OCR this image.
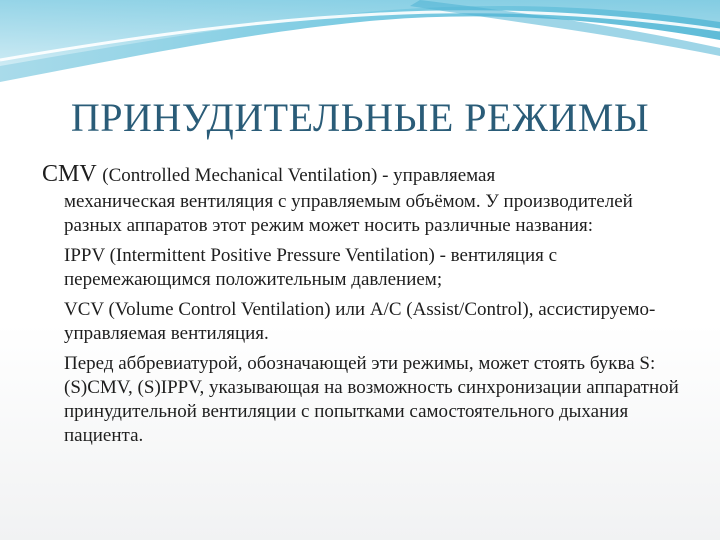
ПРИНУДИТЕЛЬНЫЕ РЕЖИМЫ
CMV (Controlled Mechanical Ventilation) - управляемая
механическая вентиляция с управляемым объёмом. У производителей разных аппаратов этот режим может носить различные названия:
IPPV (Intermittent Positive Pressure Ventilation) - вентиляция с перемежающимся положительным давлением;
VCV (Volume Control Ventilation) или A/C (Assist/Control), ассистируемо-управляемая вентиляция.
Перед аббревиатурой, обозначающей эти режимы, может стоять буква S: (S)CMV, (S)IPPV, указывающая на возможность синхронизации аппаратной принудительной вентиляции с попытками самостоятельного дыхания пациента.
